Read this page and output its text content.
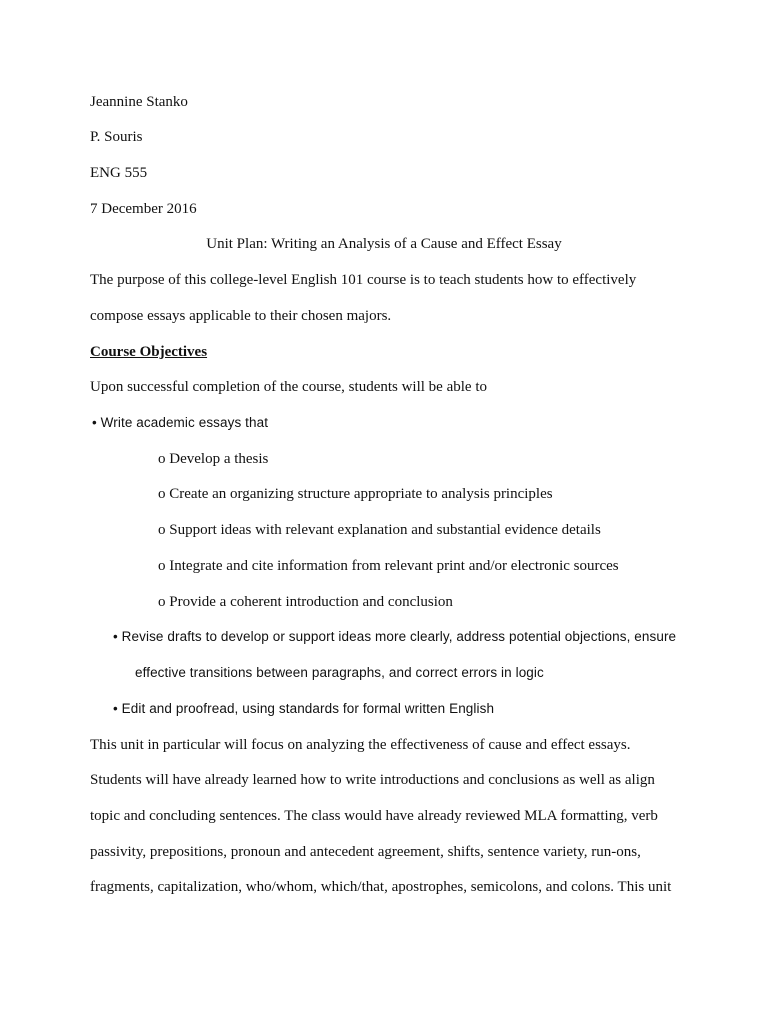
Jeannine Stanko
P. Souris
ENG 555
7 December 2016
Unit Plan: Writing an Analysis of a Cause and Effect Essay
The purpose of this college-level English 101 course is to teach students how to effectively
compose essays applicable to their chosen majors.
Course Objectives
Upon successful completion of the course, students will be able to
• Write academic essays that
o Develop a thesis
o Create an organizing structure appropriate to analysis principles
o Support ideas with relevant explanation and substantial evidence details
o Integrate and cite information from relevant print and/or electronic sources
o Provide a coherent introduction and conclusion
• Revise drafts to develop or support ideas more clearly, address potential objections, ensure
effective transitions between paragraphs, and correct errors in logic
• Edit and proofread, using standards for formal written English
This unit in particular will focus on analyzing the effectiveness of cause and effect essays.
Students will have already learned how to write introductions and conclusions as well as align
topic and concluding sentences. The class would have already reviewed MLA formatting, verb
passivity, prepositions, pronoun and antecedent agreement, shifts, sentence variety, run-ons,
fragments, capitalization, who/whom, which/that, apostrophes, semicolons, and colons. This unit
